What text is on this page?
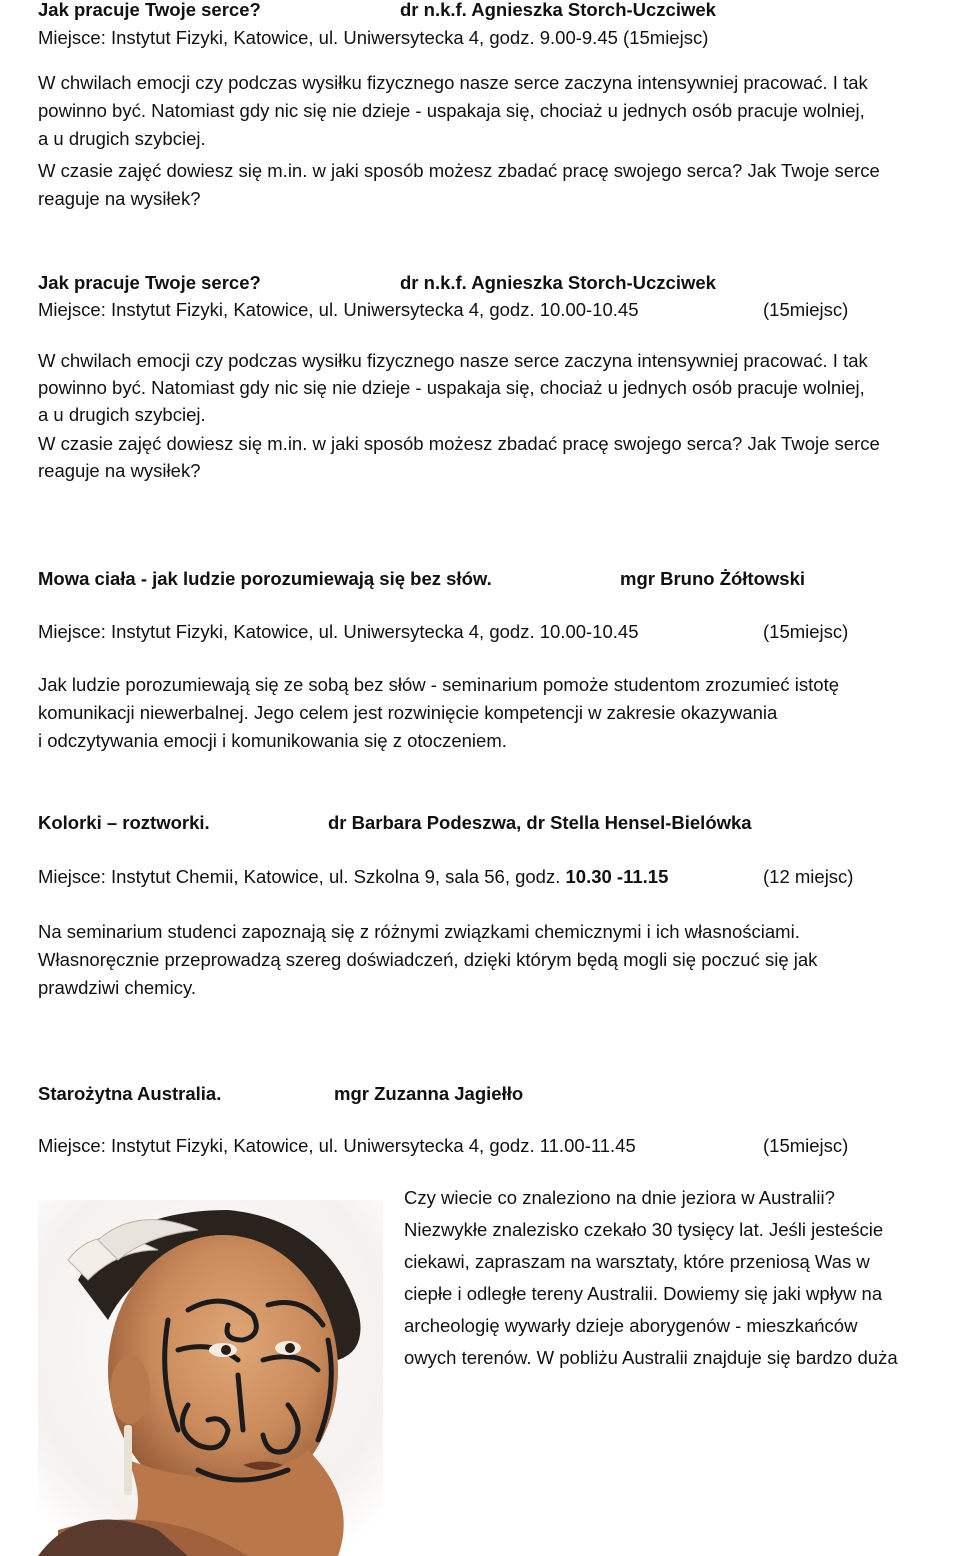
Jak pracuje Twoje serce?	dr n.k.f. Agnieszka Storch-Uczciwek
Miejsce: Instytut Fizyki, Katowice, ul. Uniwersytecka 4, godz. 9.00-9.45 (15miejsc)
W chwilach emocji czy podczas wysiłku fizycznego nasze serce zaczyna intensywniej pracować. I tak
powinno być. Natomiast gdy nic się nie dzieje - uspakaja się, chociaż u jednych osób pracuje wolniej,
a u drugich szybciej.
W czasie zajęć dowiesz się m.in. w jaki sposób możesz zbadać pracę swojego serca? Jak Twoje serce
reaguje na wysiłek?
Jak pracuje Twoje serce?	dr n.k.f. Agnieszka Storch-Uczciwek
Miejsce: Instytut Fizyki, Katowice, ul. Uniwersytecka 4, godz. 10.00-10.45	(15miejsc)
W chwilach emocji czy podczas wysiłku fizycznego nasze serce zaczyna intensywniej pracować. I tak
powinno być. Natomiast gdy nic się nie dzieje - uspakaja się, chociaż u jednych osób pracuje wolniej,
a u drugich szybciej.
W czasie zajęć dowiesz się m.in. w jaki sposób możesz zbadać pracę swojego serca? Jak Twoje serce
reaguje na wysiłek?
Mowa ciała - jak ludzie porozumiewają się bez słów.	mgr Bruno Żółtowski
Miejsce: Instytut Fizyki, Katowice, ul. Uniwersytecka 4, godz. 10.00-10.45	(15miejsc)
Jak ludzie porozumiewają się ze sobą bez słów - seminarium pomoże studentom zrozumieć istotę
komunikacji niewerbalnej. Jego celem jest rozwinięcie kompetencji w zakresie okazywania
i odczytywania emocji i komunikowania się z otoczeniem.
Kolorki – roztworki.	dr Barbara Podeszwa, dr Stella Hensel-Bielówka
Miejsce: Instytut Chemii, Katowice, ul. Szkolna 9, sala 56, godz. 10.30 -11.15	(12 miejsc)
Na seminarium studenci zapoznają się z różnymi związkami chemicznymi i ich własnościami.
Własnoręcznie przeprowadzą szereg doświadczeń, dzięki którym będą mogli się poczuć się jak
prawdziwi chemicy.
Starożytna Australia.	mgr Zuzanna Jagiełło
Miejsce: Instytut Fizyki, Katowice, ul. Uniwersytecka 4, godz. 11.00-11.45	(15miejsc)
Czy wiecie co znaleziono na dnie jeziora w Australii?
Niezwykłe znalezisko czekało 30 tysięcy lat. Jeśli jesteście
ciekawi, zapraszam na warsztaty, które przeniosą Was w
ciepłe i odległe tereny Australii. Dowiemy się jaki wpływ na
archeologię wywarły dzieje aborygenów - mieszkańców
owych terenów. W pobliżu Australii znajduje się bardzo duża
